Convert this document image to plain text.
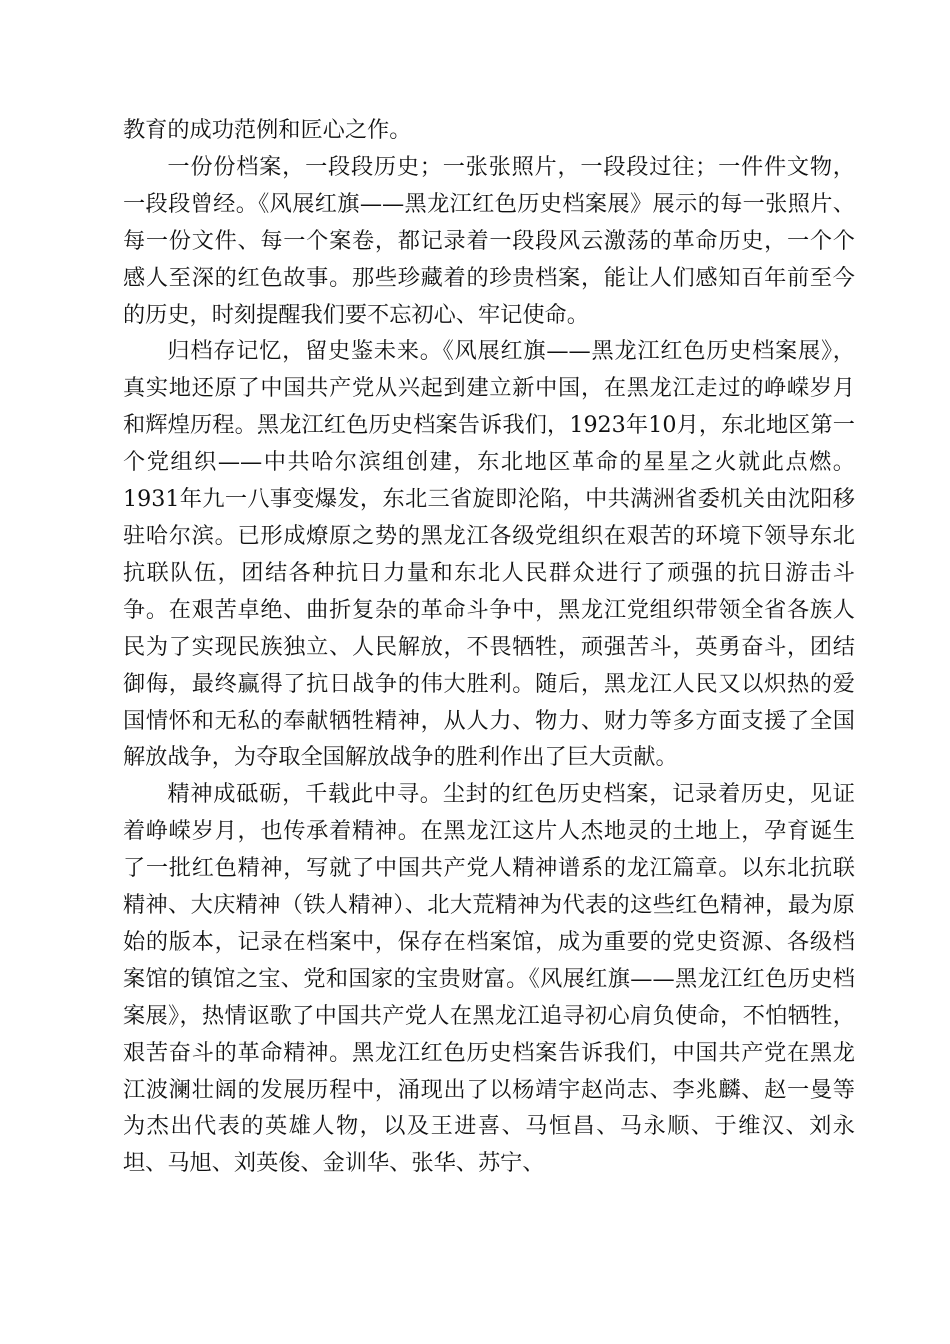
教育的成功范例和匠心之作。

一份份档案，一段段历史；一张张照片，一段段过往；一件件文物，一段段曾经。《风展红旗——黑龙江红色历史档案展》展示的每一张照片、每一份文件、每一个案卷，都记录着一段段风云激荡的革命历史，一个个感人至深的红色故事。那些珍藏着的珍贵档案，能让人们感知百年前至今的历史，时刻提醒我们要不忘初心、牢记使命。

归档存记忆，留史鉴未来。《风展红旗——黑龙江红色历史档案展》，真实地还原了中国共产党从兴起到建立新中国，在黑龙江走过的峥嵘岁月和辉煌历程。黑龙江红色历史档案告诉我们，1923年10月，东北地区第一个党组织——中共哈尔滨组创建，东北地区革命的星星之火就此点燃。1931年九一八事变爆发，东北三省旋即沦陷，中共满洲省委机关由沈阳移驻哈尔滨。已形成燎原之势的黑龙江各级党组织在艰苦的环境下领导东北抗联队伍，团结各种抗日力量和东北人民群众进行了顽强的抗日游击斗争。在艰苦卓绝、曲折复杂的革命斗争中，黑龙江党组织带领全省各族人民为了实现民族独立、人民解放，不畏牺牲，顽强苦斗，英勇奋斗，团结御侮，最终赢得了抗日战争的伟大胜利。随后，黑龙江人民又以炽热的爱国情怀和无私的奉献牺牲精神，从人力、物力、财力等多方面支援了全国解放战争，为夺取全国解放战争的胜利作出了巨大贡献。

精神成砥砺，千载此中寻。尘封的红色历史档案，记录着历史，见证着峥嵘岁月，也传承着精神。在黑龙江这片人杰地灵的土地上，孕育诞生了一批红色精神，写就了中国共产党人精神谱系的龙江篇章。以东北抗联精神、大庆精神（铁人精神）、北大荒精神为代表的这些红色精神，最为原始的版本，记录在档案中，保存在档案馆，成为重要的党史资源、各级档案馆的镇馆之宝、党和国家的宝贵财富。《风展红旗——黑龙江红色历史档案展》，热情讴歌了中国共产党人在黑龙江追寻初心肩负使命，不怕牺牲，艰苦奋斗的革命精神。黑龙江红色历史档案告诉我们，中国共产党在黑龙江波澜壮阔的发展历程中，涌现出了以杨靖宇赵尚志、李兆麟、赵一曼等为杰出代表的英雄人物，以及王进喜、马恒昌、马永顺、于维汉、刘永坦、马旭、刘英俊、金训华、张华、苏宁、
